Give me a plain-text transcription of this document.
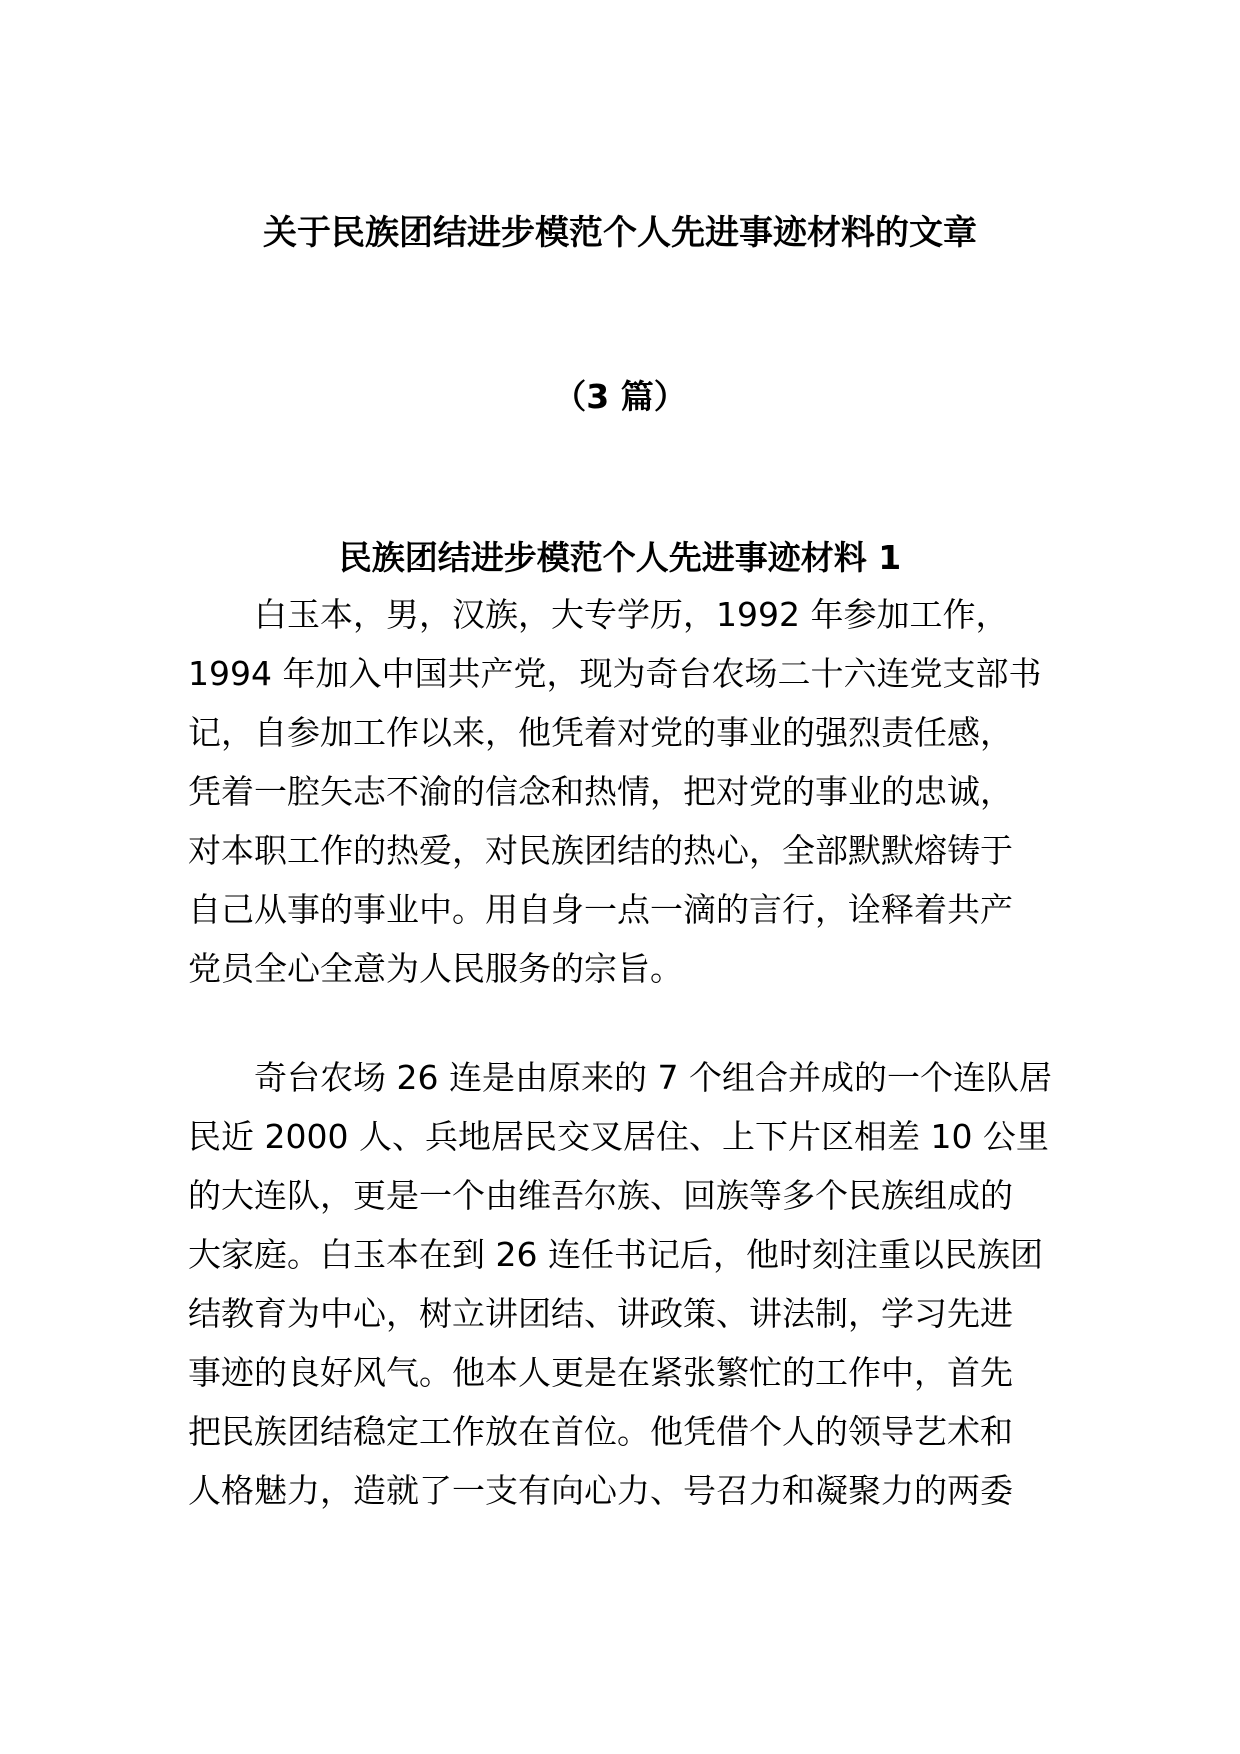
关于民族团结进步模范个人先进事迹材料的文章
（3 篇）
民族团结进步模范个人先进事迹材料 1
白玉本，男，汉族，大专学历，1992 年参加工作，
1994 年加入中国共产党，现为奇台农场二十六连党支部书
记，自参加工作以来，他凭着对党的事业的强烈责任感，
凭着一腔矢志不渝的信念和热情，把对党的事业的忠诚，
对本职工作的热爱，对民族团结的热心，全部默默熔铸于
自己从事的事业中。用自身一点一滴的言行，诠释着共产
党员全心全意为人民服务的宗旨。
奇台农场 26 连是由原来的 7 个组合并成的一个连队居
民近 2000 人、兵地居民交叉居住、上下片区相差 10 公里
的大连队，更是一个由维吾尔族、回族等多个民族组成的
大家庭。白玉本在到 26 连任书记后，他时刻注重以民族团
结教育为中心，树立讲团结、讲政策、讲法制，学习先进
事迹的良好风气。他本人更是在紧张繁忙的工作中，首先
把民族团结稳定工作放在首位。他凭借个人的领导艺术和
人格魅力，造就了一支有向心力、号召力和凝聚力的两委
